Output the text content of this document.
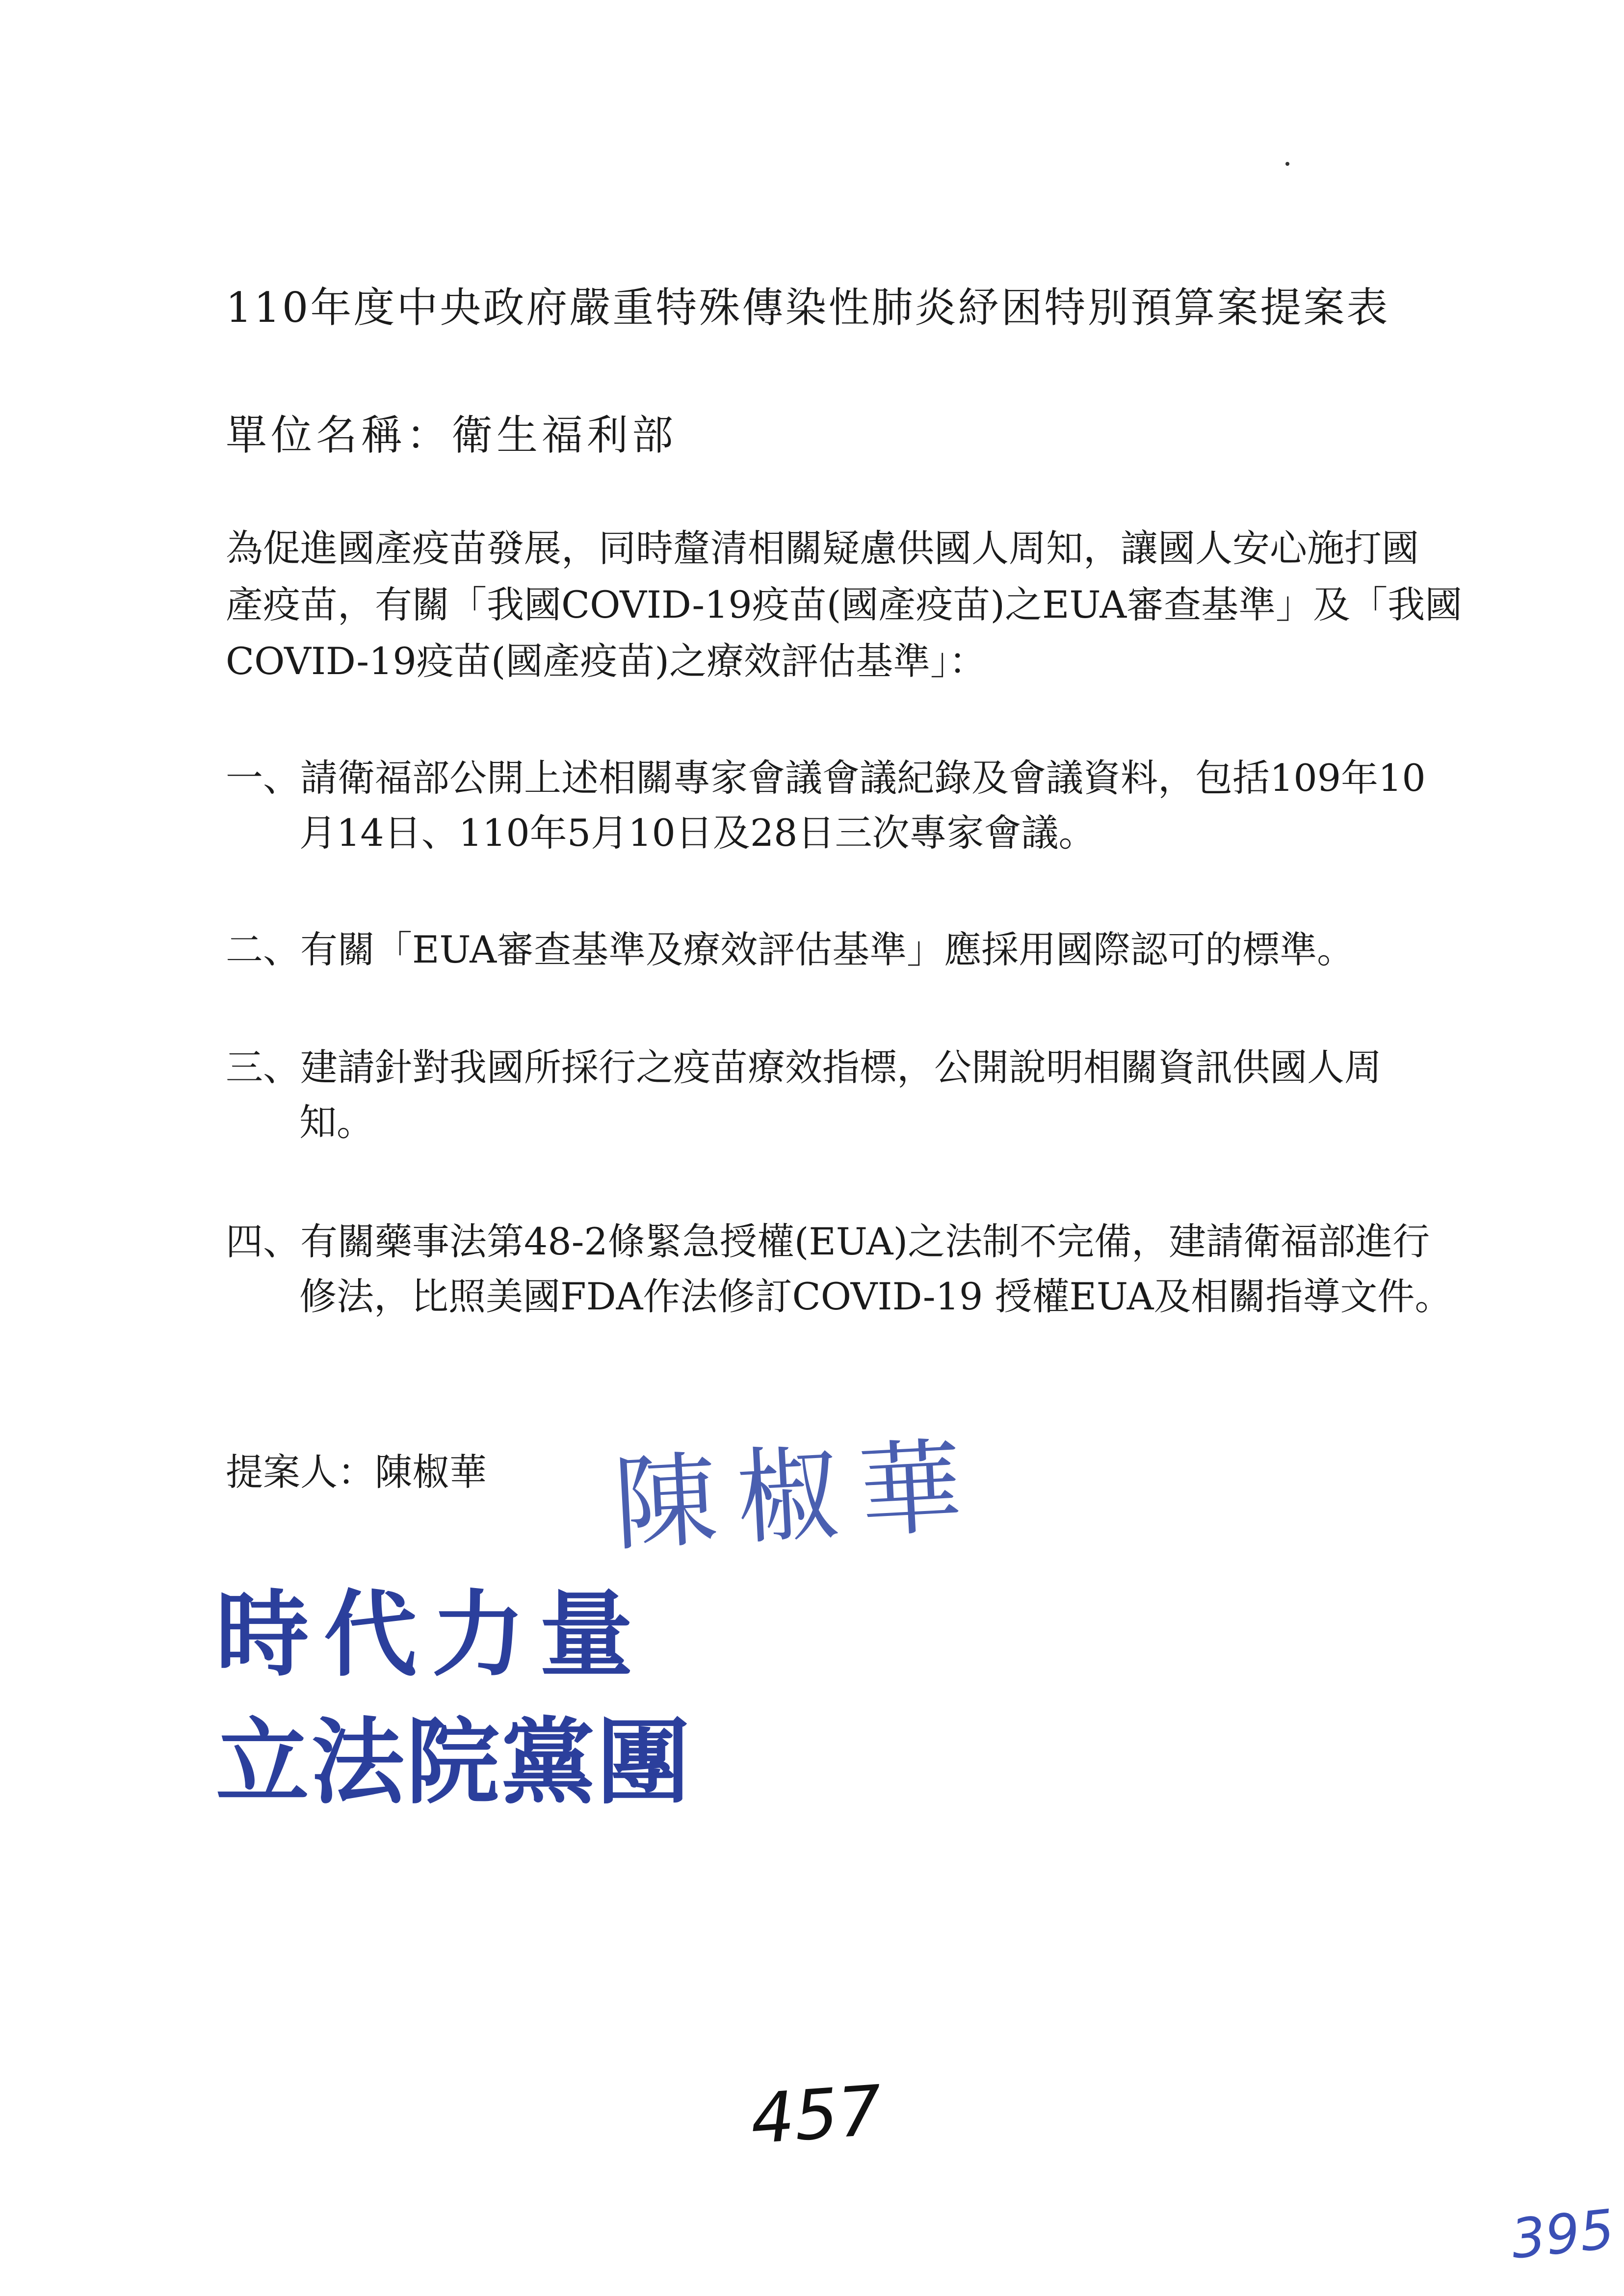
110年度中央政府嚴重特殊傳染性肺炎紓困特別預算案提案表
單位名稱：衛生福利部
為促進國產疫苗發展，同時釐清相關疑慮供國人周知，讓國人安心施打國
產疫苗，有關「我國COVID-19疫苗(國產疫苗)之EUA審查基準」及「我國
COVID-19疫苗(國產疫苗)之療效評估基準」：
一、請衛福部公開上述相關專家會議會議紀錄及會議資料，包括109年10
月14日、110年5月10日及28日三次專家會議。
二、有關「EUA審查基準及療效評估基準」應採用國際認可的標準。
三、建請針對我國所採行之疫苗療效指標，公開說明相關資訊供國人周
知。
四、有關藥事法第48-2條緊急授權(EUA)之法制不完備，建請衛福部進行
修法，比照美國FDA作法修訂COVID-19 授權EUA及相關指導文件。
提案人：陳椒華 陳椒華
時代力量
立法院黨團
457
395
